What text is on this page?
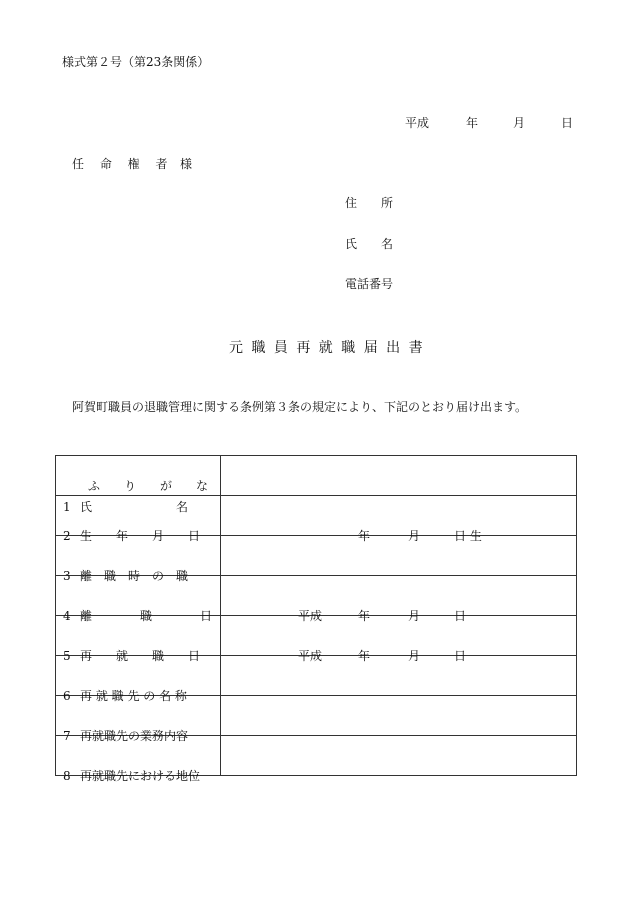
様式第２号（第23条関係）
平成	年	月	日
任 命 権 者 様
住　　所
氏　　名
電話番号
元 職 員 再 就 職 届 出 書
阿賀町職員の退職管理に関する条例第３条の規定により、下記のとおり届け出ます。
ふ　　り　　が　　な
1 氏　　　　　　　名	

2 生　　年　　月　　日	年 月 日 生

3 離　職　時　の　職	

4 離　　　　職　　　　日	平成 年 月 日

5 再　　就　　職　　日	平成 年 月 日

6 再 就 職 先 の 名 称	

7 再就職先の業務内容	

8 再就職先における地位	
